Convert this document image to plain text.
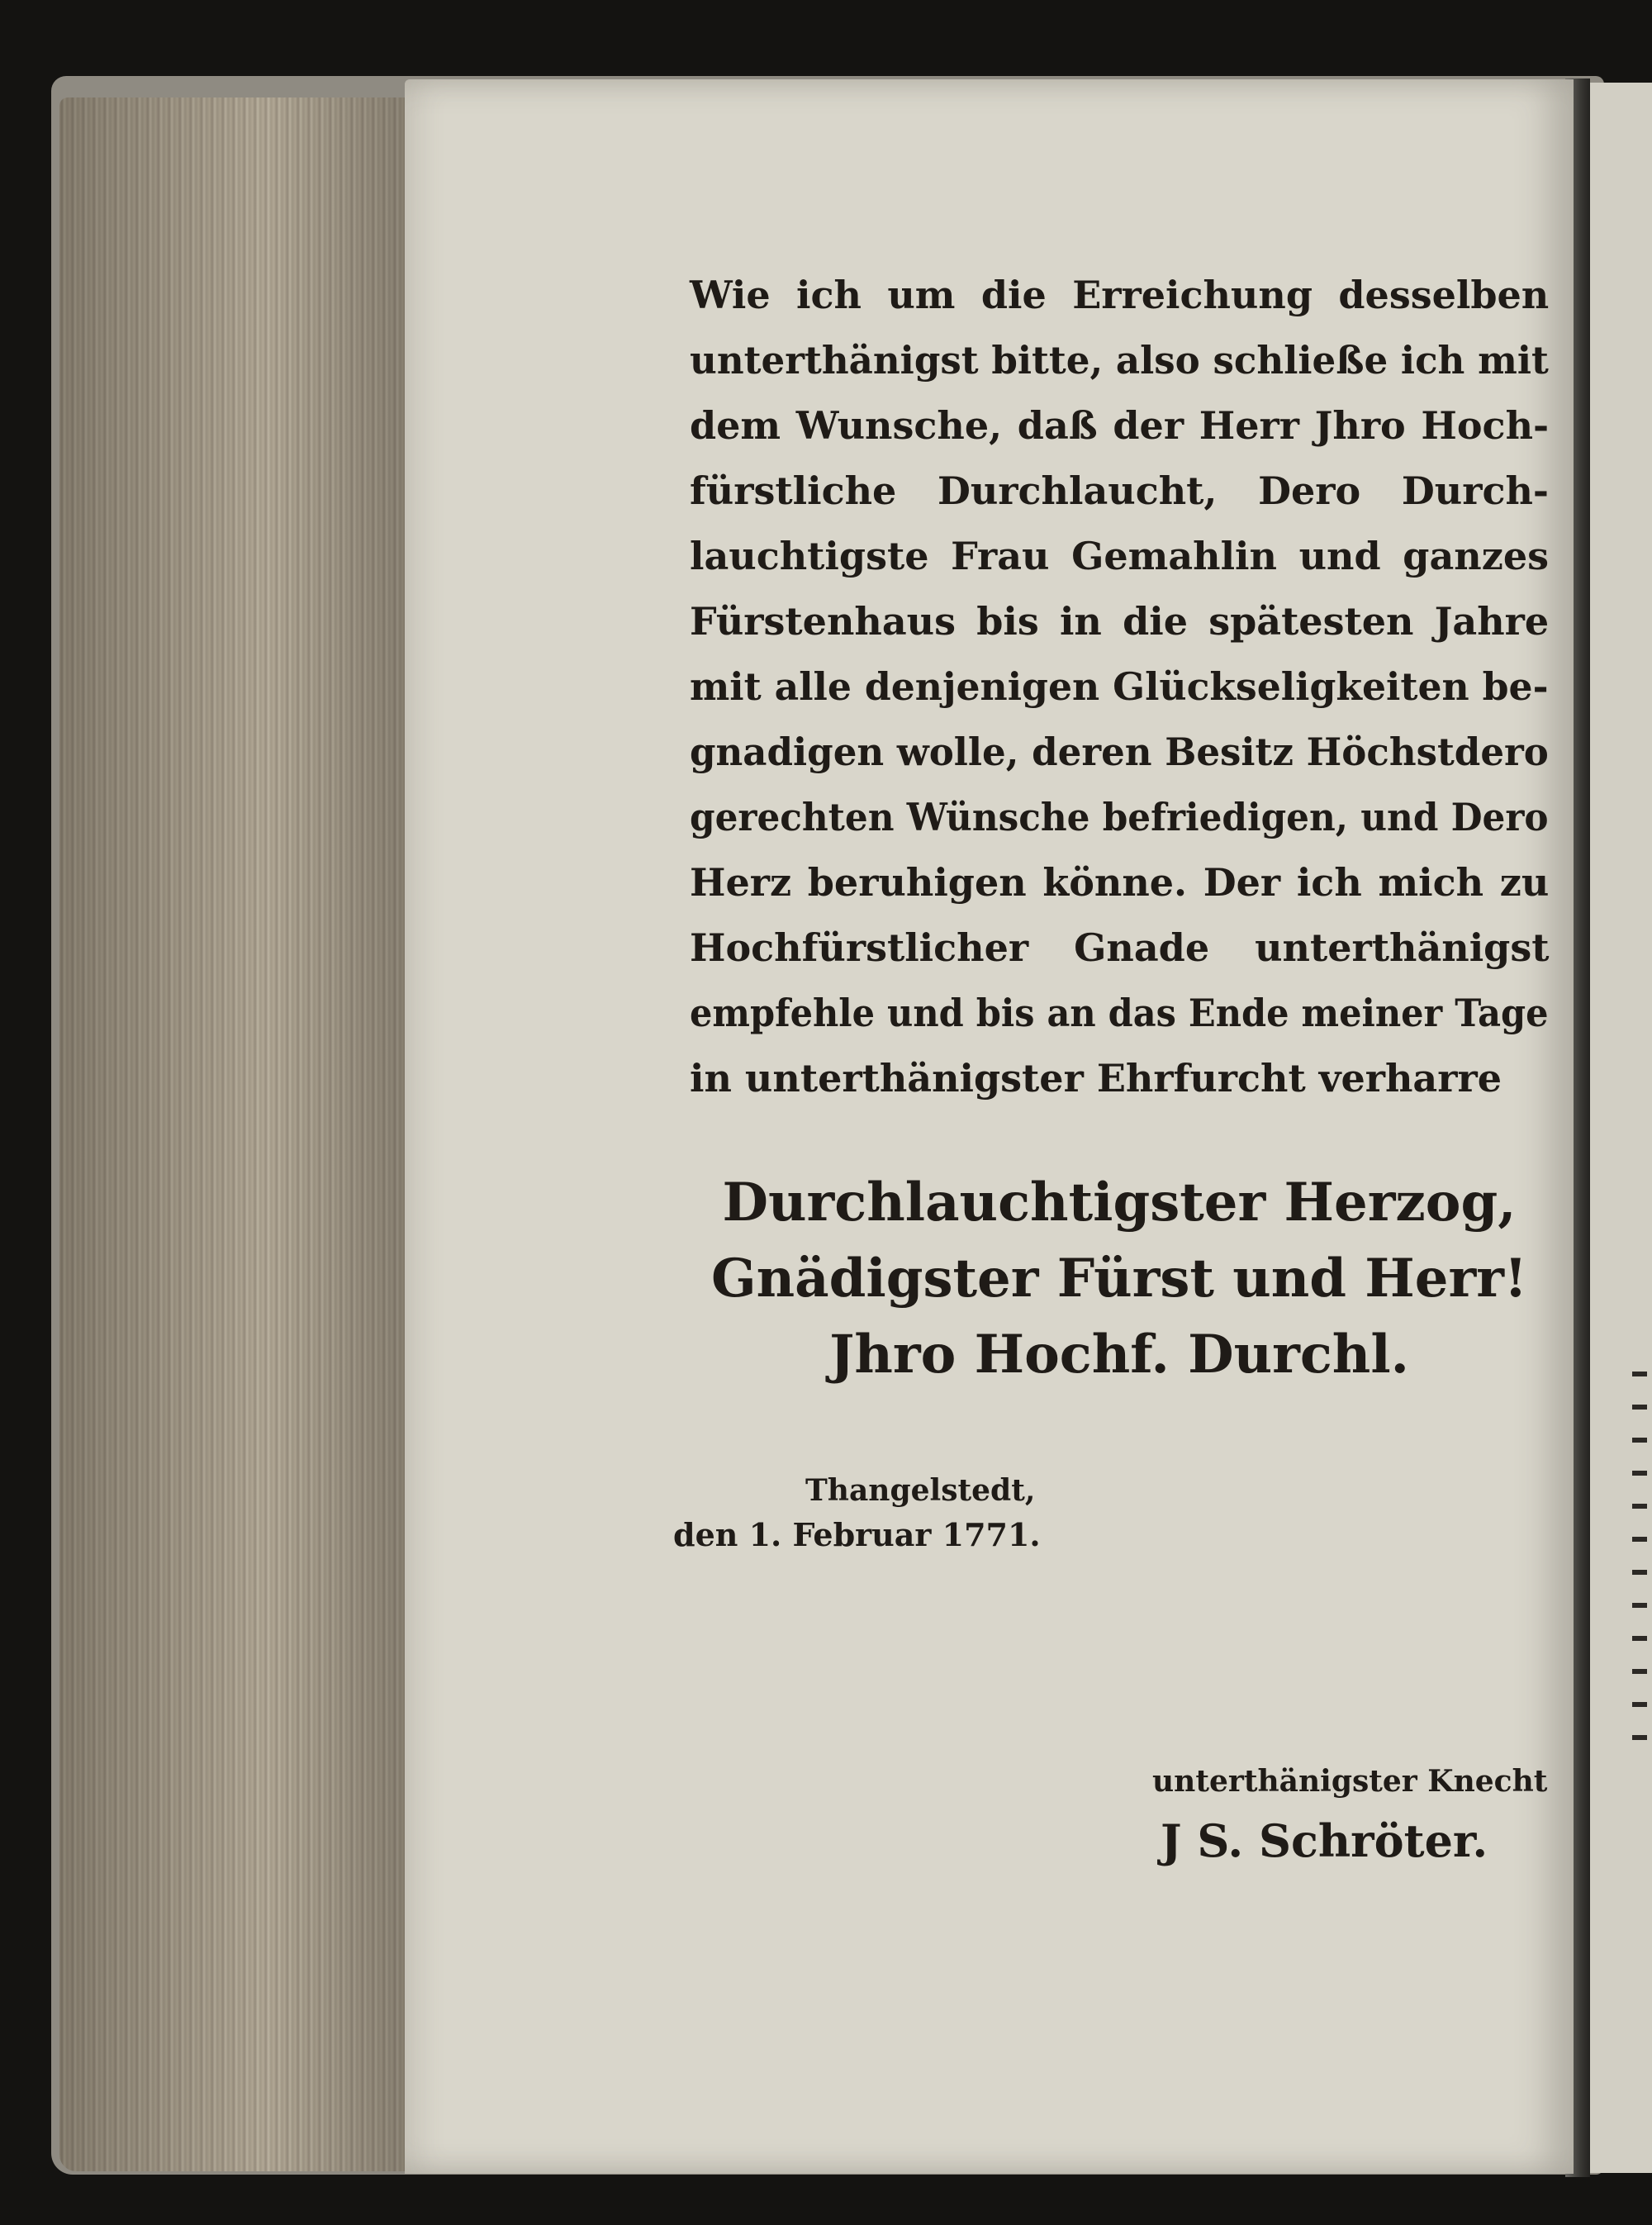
Wie ich um die Erreichung desselben
unterthänigst bitte, also schließe ich mit
dem Wunsche, daß der Herr Jhro Hoch-
fürstliche Durchlaucht, Dero Durch-
lauchtigste Frau Gemahlin und ganzes
Fürstenhaus bis in die spätesten Jahre
mit alle denjenigen Glückseligkeiten be-
gnadigen wolle, deren Besitz Höchstdero
gerechten Wünsche befriedigen, und Dero
Herz beruhigen könne. Der ich mich zu
Hochfürstlicher Gnade unterthänigst
empfehle und bis an das Ende meiner Tage
in unterthänigster Ehrfurcht verharre

Durchlauchtigster Herzog,
Gnädigster Fürst und Herr!
Jhro Hochf. Durchl.
Thangelstedt,
den 1. Februar 1771.
unterthänigster Knecht
J S. Schröter.
